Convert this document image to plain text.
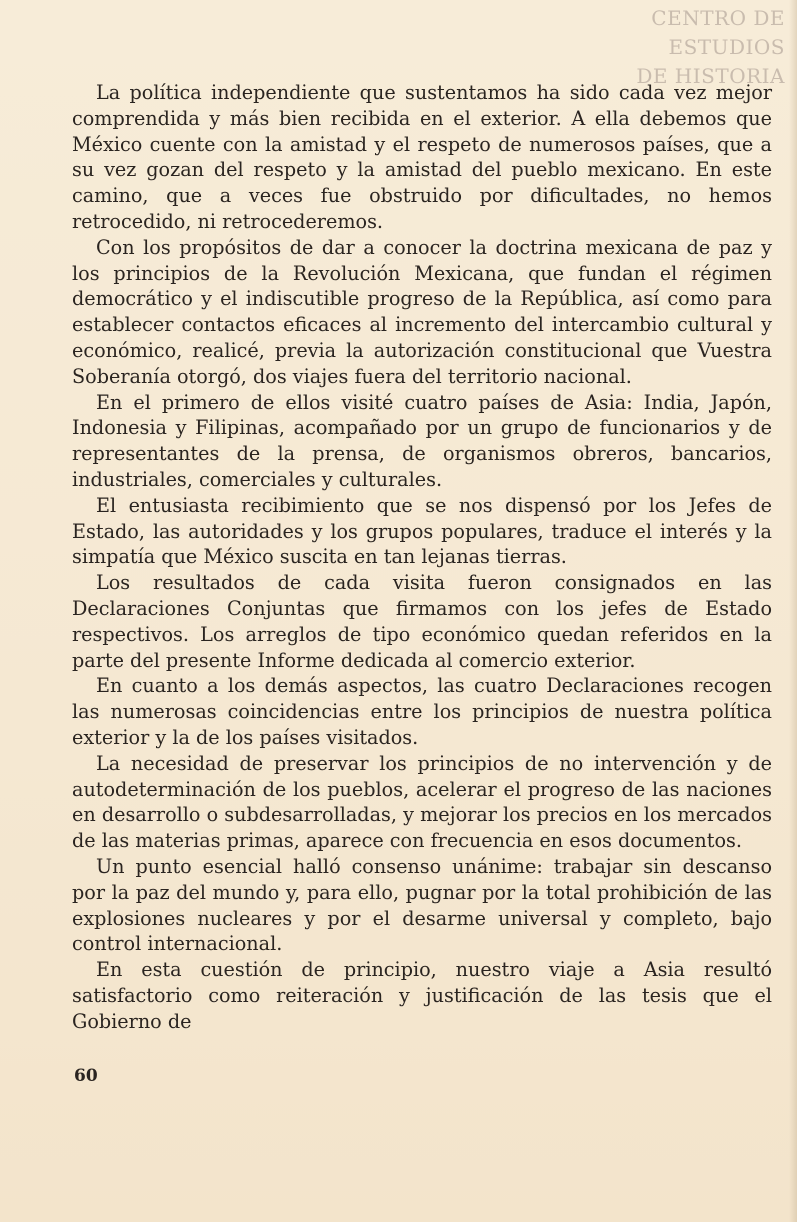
CENTRO DE
ESTUDIOS
DE HISTORIA

La política independiente que sustentamos ha sido cada vez mejor comprendida y más bien recibida en el exterior. A ella debemos que México cuente con la amistad y el respeto de numerosos países, que a su vez gozan del respeto y la amistad del pueblo mexicano. En este camino, que a veces fue obstruido por dificultades, no hemos retrocedido, ni retrocederemos.

Con los propósitos de dar a conocer la doctrina mexicana de paz y los principios de la Revolución Mexicana, que fundan el régimen democrático y el indiscutible progreso de la República, así como para establecer contactos eficaces al incremento del intercambio cultural y económico, realicé, previa la autorización constitucional que Vuestra Soberanía otorgó, dos viajes fuera del territorio nacional.

En el primero de ellos visité cuatro países de Asia: India, Japón, Indonesia y Filipinas, acompañado por un grupo de funcionarios y de representantes de la prensa, de organismos obreros, bancarios, industriales, comerciales y culturales.

El entusiasta recibimiento que se nos dispensó por los Jefes de Estado, las autoridades y los grupos populares, traduce el interés y la simpatía que México suscita en tan lejanas tierras.

Los resultados de cada visita fueron consignados en las Declaraciones Conjuntas que firmamos con los jefes de Estado respectivos. Los arreglos de tipo económico quedan referidos en la parte del presente Informe dedicada al comercio exterior.

En cuanto a los demás aspectos, las cuatro Declaraciones recogen las numerosas coincidencias entre los principios de nuestra política exterior y la de los países visitados.

La necesidad de preservar los principios de no intervención y de autodeterminación de los pueblos, acelerar el progreso de las naciones en desarrollo o subdesarrolladas, y mejorar los precios en los mercados de las materias primas, aparece con frecuencia en esos documentos.

Un punto esencial halló consenso unánime: trabajar sin descanso por la paz del mundo y, para ello, pugnar por la total prohibición de las explosiones nucleares y por el desarme universal y completo, bajo control internacional.

En esta cuestión de principio, nuestro viaje a Asia resultó satisfactorio como reiteración y justificación de las tesis que el Gobierno de

60
